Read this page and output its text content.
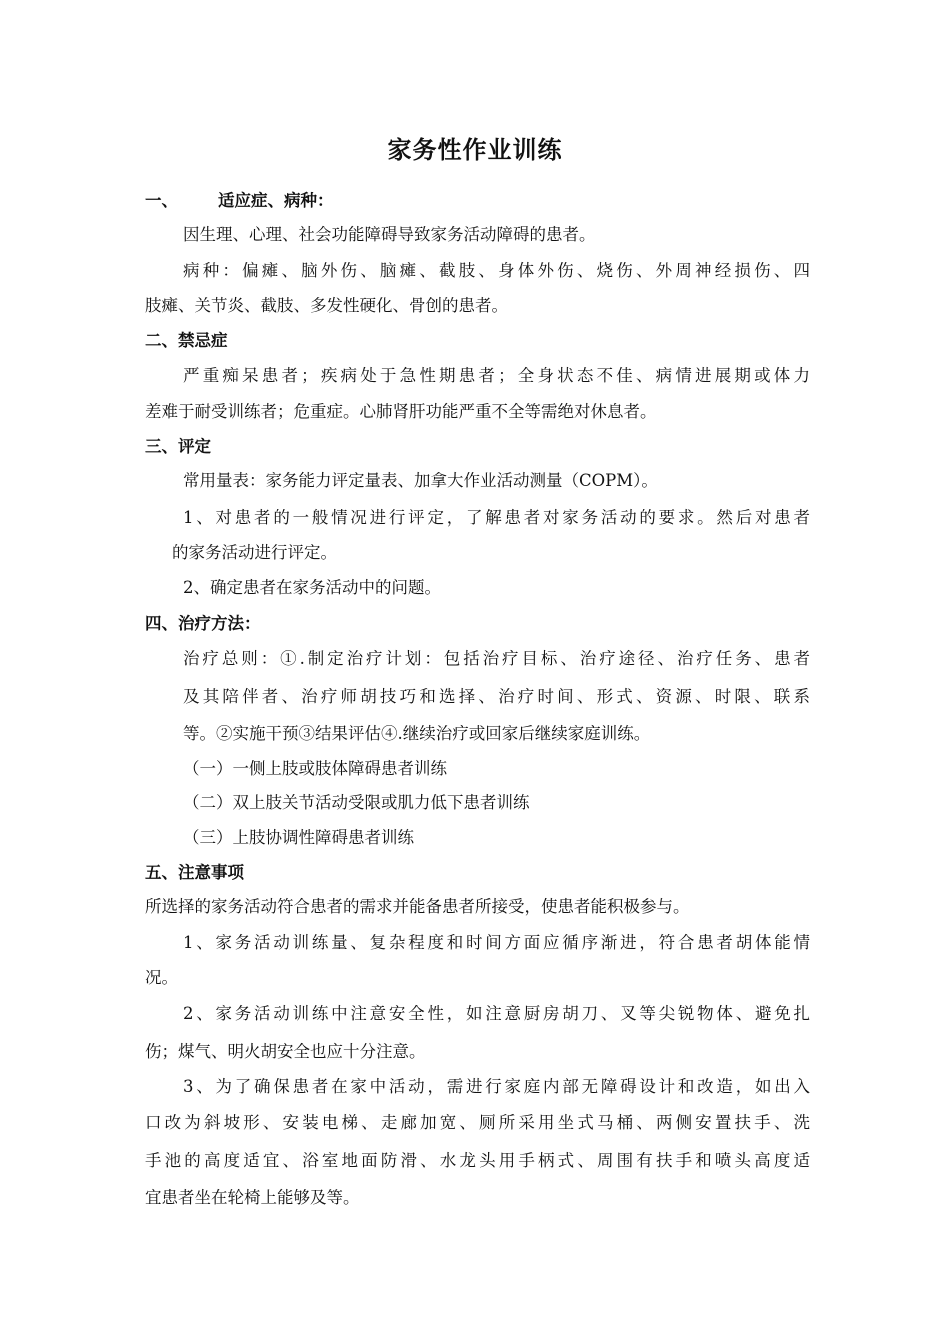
家务性作业训练
一、 适应症、病种：
因生理、心理、社会功能障碍导致家务活动障碍的患者。
病种：偏瘫、脑外伤、脑瘫、截肢、身体外伤、烧伤、外周神经损伤、四
肢瘫、关节炎、截肢、多发性硬化、骨创的患者。
二、禁忌症
严重痴呆患者；疾病处于急性期患者；全身状态不佳、病情进展期或体力
差难于耐受训练者；危重症。心肺肾肝功能严重不全等需绝对休息者。
三、评定
常用量表：家务能力评定量表、加拿大作业活动测量（COPM）。
1、对患者的一般情况进行评定，了解患者对家务活动的要求。然后对患者
的家务活动进行评定。
2、确定患者在家务活动中的问题。
四、治疗方法：
治疗总则：①.制定治疗计划：包括治疗目标、治疗途径、治疗任务、患者
及其陪伴者、治疗师胡技巧和选择、治疗时间、形式、资源、时限、联系
等。②实施干预③结果评估④.继续治疗或回家后继续家庭训练。
（一）一侧上肢或肢体障碍患者训练
（二）双上肢关节活动受限或肌力低下患者训练
（三）上肢协调性障碍患者训练
五、注意事项
所选择的家务活动符合患者的需求并能备患者所接受，使患者能积极参与。
1、家务活动训练量、复杂程度和时间方面应循序渐进，符合患者胡体能情
况。
2、家务活动训练中注意安全性，如注意厨房胡刀、叉等尖锐物体、避免扎
伤；煤气、明火胡安全也应十分注意。
3、为了确保患者在家中活动，需进行家庭内部无障碍设计和改造，如出入
口改为斜坡形、安装电梯、走廊加宽、厕所采用坐式马桶、两侧安置扶手、洗
手池的高度适宜、浴室地面防滑、水龙头用手柄式、周围有扶手和喷头高度适
宜患者坐在轮椅上能够及等。
